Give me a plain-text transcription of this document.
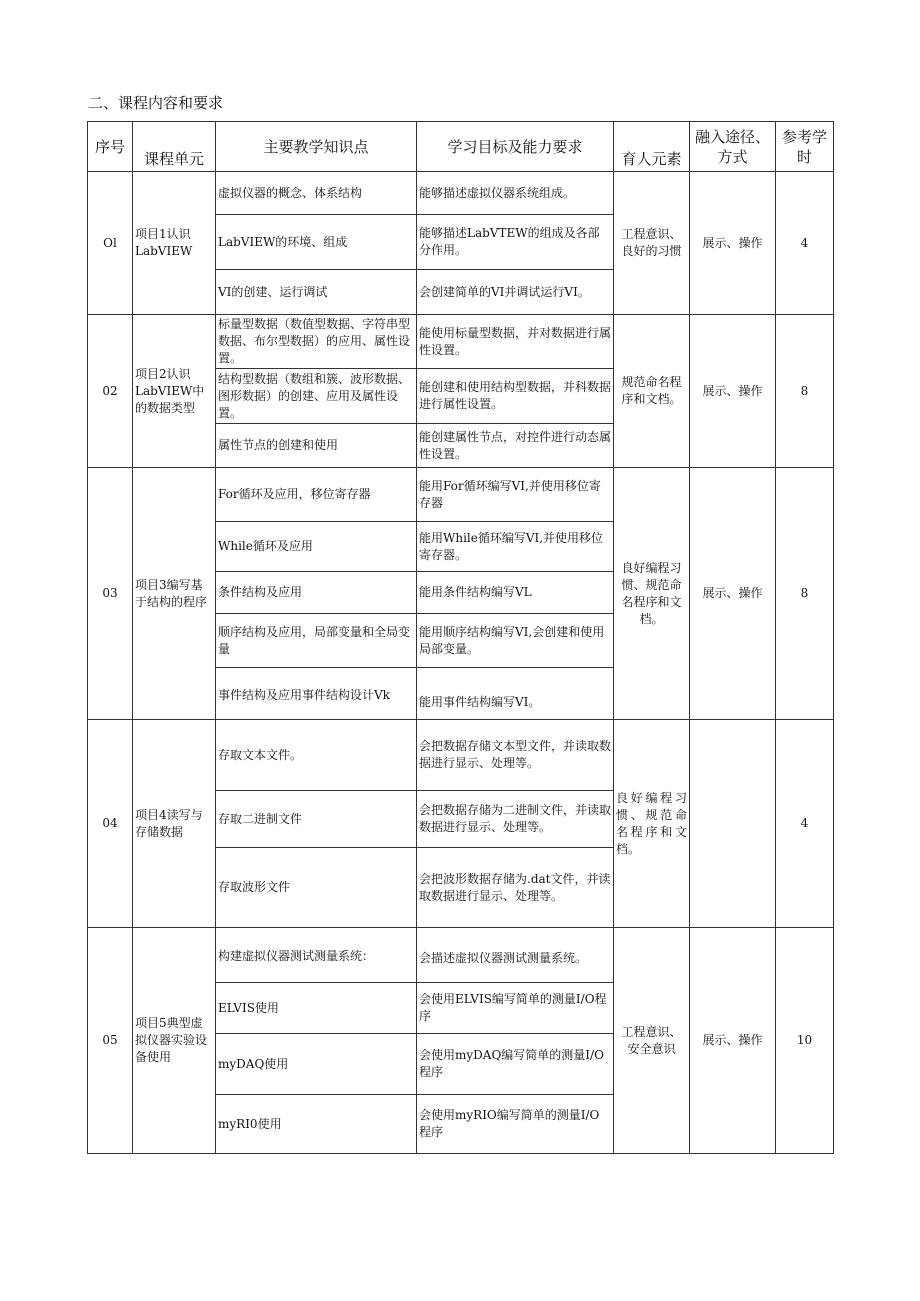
二、课程内容和要求
序号	课程单元	主要教学知识点	学习目标及能力要求	育人元素	融入途径、方式	参考学时
Ol	项目1认识LabVIEW	虚拟仪器的概念、体系结构	能够描述虚拟仪器系统组成。	工程意识、良好的习惯	展示、操作	4
		LabVIEW的环境、组成	能够描述LabVTEW的组成及各部分作用。			
		VI的创建、运行调试	会创建简单的VI并调试运行VI。			
02	项目2认识LabVIEW中的数据类型	标量型数据（数值型数据、字符串型数据、布尔型数据）的应用、属性设置。	能使用标量型数据，并对数据进行属性设置。	规范命名程序和文档。	展示、操作	8
		结构型数据（数组和簇、波形数据、图形数据）的创建、应用及属性设置。	能创建和使用结构型数据，并科数据进行属性设置。			
		属性节点的创建和使用	能创建属性节点，对控件进行动态属性设置。			
03	项目3编写基于结构的程序	For循环及应用，移位寄存器	能用For循环编写VI,并使用移位寄存器	良好编程习惯、规范命名程序和文档。	展示、操作	8
		While循环及应用	能用While循环编写VI,并使用移位寄存器。			
		条件结构及应用	能用条件结构编写VL			
		顺序结构及应用，局部变量和全局变量	能用顺序结构编写VI,会创建和使用局部变量。			
		事件结构及应用事件结构设计Vk	能用事件结构编写VI。			
04	项目4读写与存储数据	存取文本文件。	会把数据存储文本型文件，并读取数据进行显示、处理等。	良好编程习惯、规范命名程序和文档。		4
		存取二进制文件	会把数据存储为二进制文件，并读取数据进行显示、处理等。			
		存取波形文件	会把波形数据存储为.dat文件，并读取数据进行显示、处理等。			
05	项目5典型虚拟仪器实验设备使用	构建虚拟仪器测试测量系统：	会描述虚拟仪器测试测量系统。	工程意识、安全意识	展示、操作	10
		ELVIS使用	会使用ELVIS编写简单的测量I/O程序			
		myDAQ使用	会使用myDAQ编写简单的测量I/O程序			
		myRI0使用	会使用myRIO编写简单的测量I/O程序			
